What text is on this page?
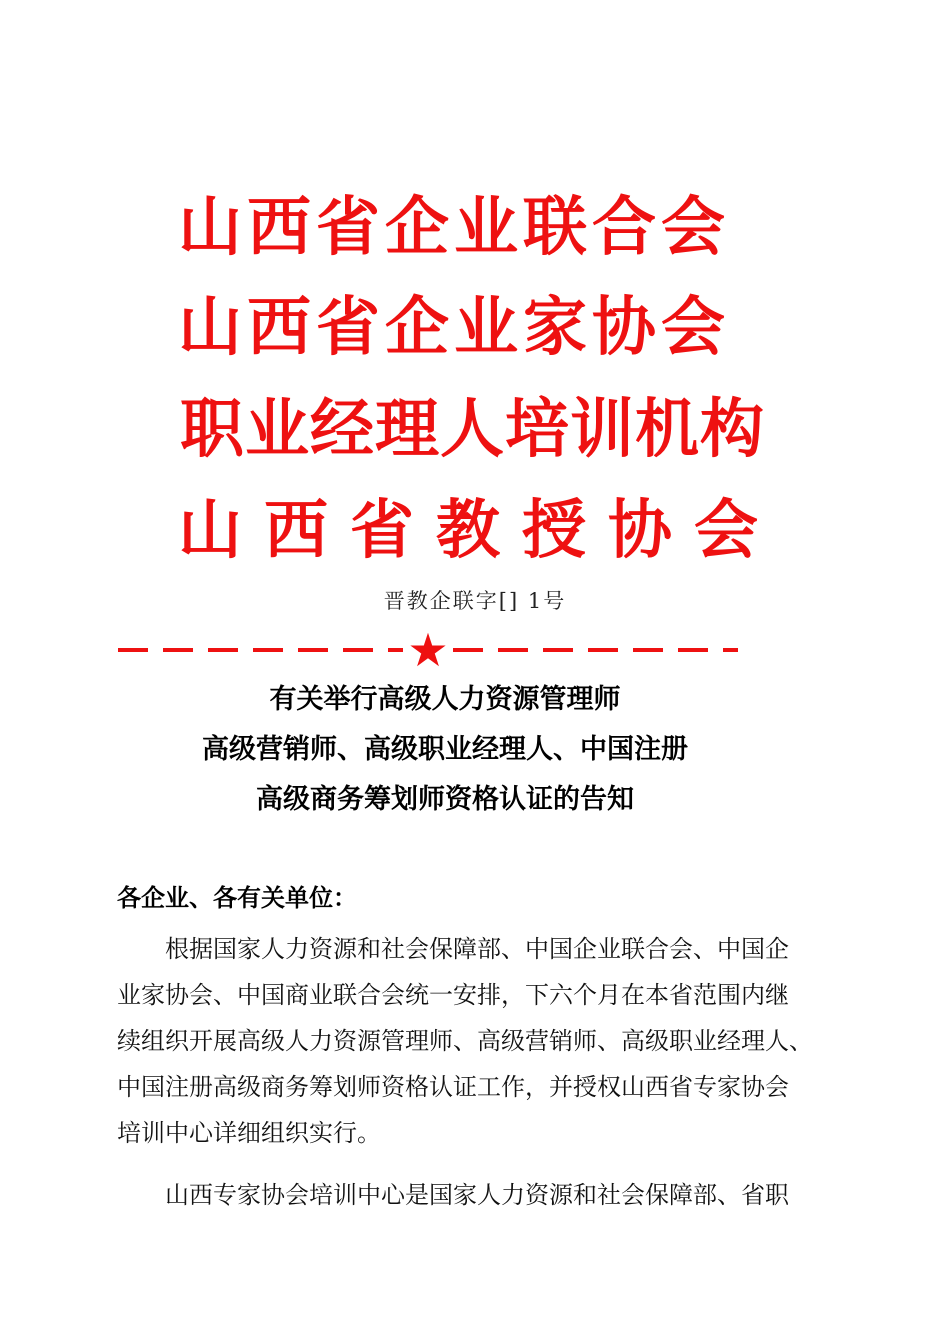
山西省企业联合会
山西省企业家协会
职业经理人培训机构
山西省教授协会
晋教企联字[] 1号
★
有关举行高级人力资源管理师
高级营销师、高级职业经理人、中国注册
高级商务筹划师资格认证的告知
各企业、各有关单位：
根据国家人力资源和社会保障部、中国企业联合会、中国企
业家协会、中国商业联合会统一安排，下六个月在本省范围内继
续组织开展高级人力资源管理师、高级营销师、高级职业经理人、
中国注册高级商务筹划师资格认证工作，并授权山西省专家协会
培训中心详细组织实行。
山西专家协会培训中心是国家人力资源和社会保障部、省职
